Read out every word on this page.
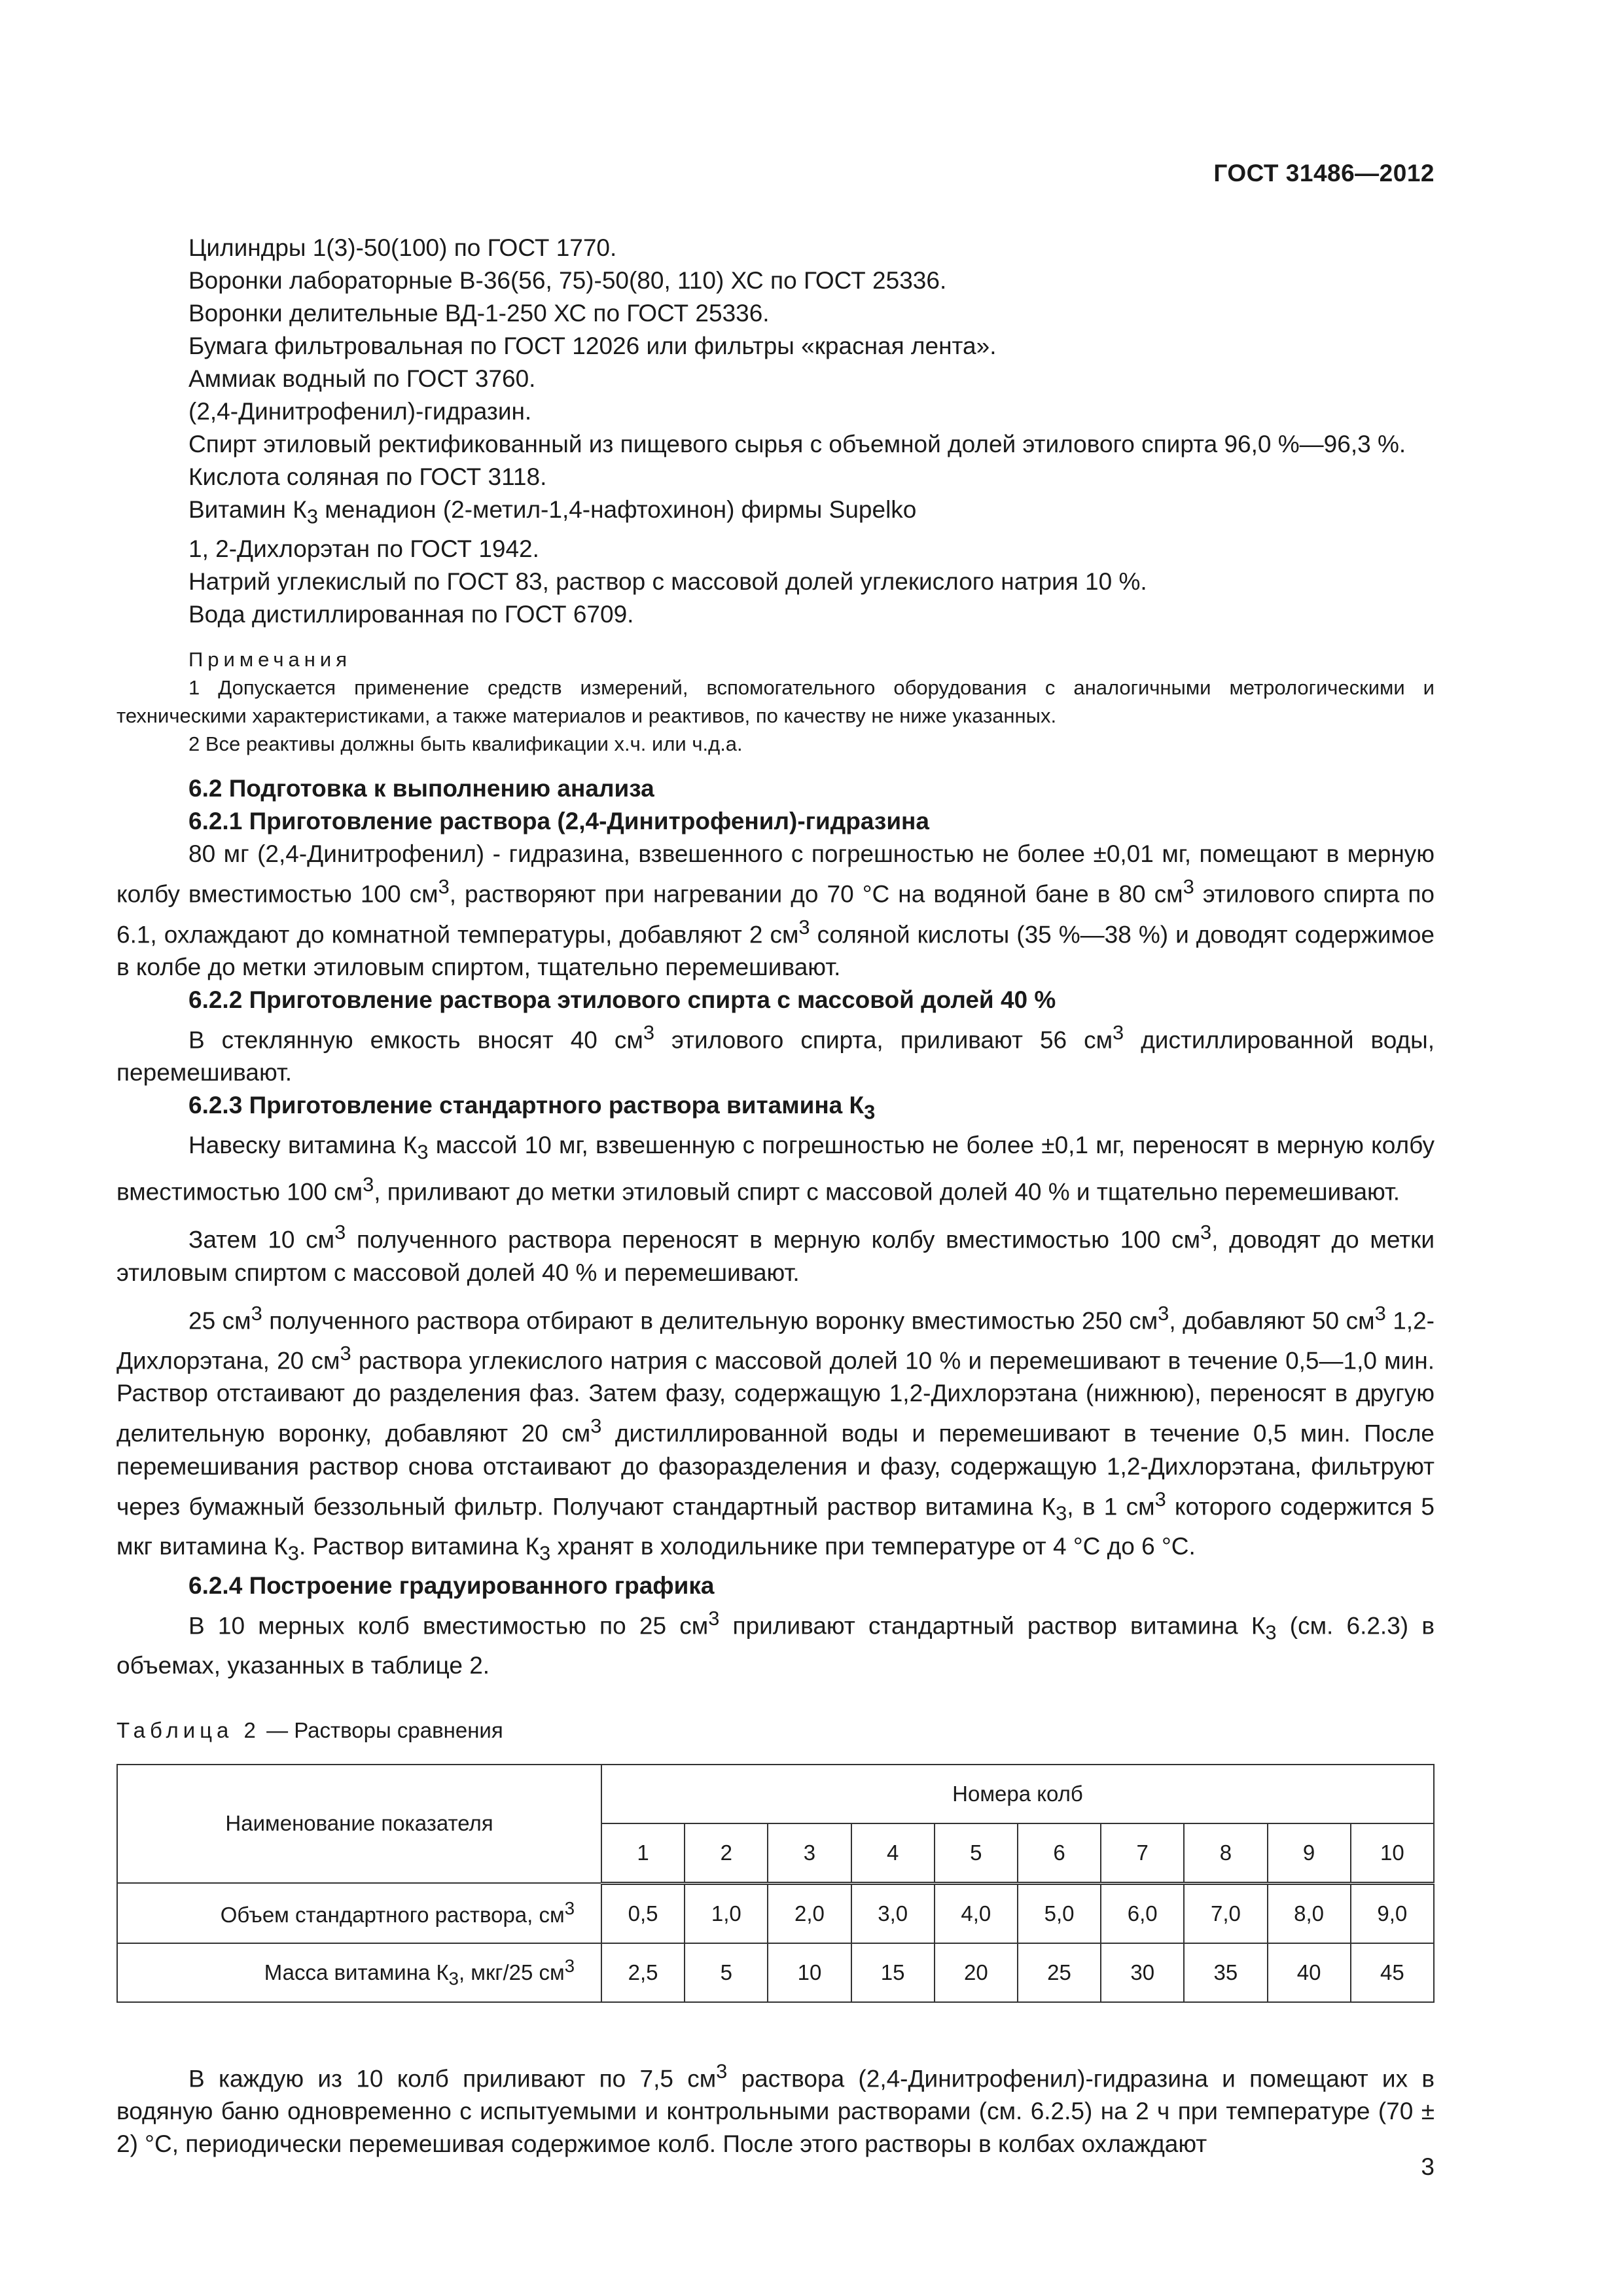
ГОСТ 31486—2012
Цилиндры 1(3)-50(100) по ГОСТ 1770.
Воронки лабораторные В-36(56, 75)-50(80, 110) ХС по ГОСТ 25336.
Воронки делительные ВД-1-250 ХС по ГОСТ 25336.
Бумага фильтровальная по ГОСТ 12026 или фильтры «красная лента».
Аммиак водный по ГОСТ 3760.
(2,4-Динитрофенил)-гидразин.
Спирт этиловый ректификованный из пищевого сырья с объемной долей этилового спирта 96,0 %—96,3 %.
Кислота соляная по ГОСТ 3118.
Витамин $К_3$ менадион (2-метил-1,4-нафтохинон) фирмы Supelko
1, 2-Дихлорэтан по ГОСТ 1942.
Натрий углекислый по ГОСТ 83, раствор с массовой долей углекислого натрия 10 %.
Вода дистиллированная по ГОСТ 6709.
Примечания
1 Допускается применение средств измерений, вспомогательного оборудования с аналогичными метрологическими и техническими характеристиками, а также материалов и реактивов, по качеству не ниже указанных.
2 Все реактивы должны быть квалификации х.ч. или ч.д.а.
6.2 Подготовка к выполнению анализа
6.2.1 Приготовление раствора (2,4-Динитрофенил)-гидразина
80 мг (2,4-Динитрофенил) - гидразина, взвешенного с погрешностью не более ±0,01 мг, помещают в мерную колбу вместимостью 100 $см^3$, растворяют при нагревании до 70 °С на водяной бане в 80 $см^3$ этилового спирта по 6.1, охлаждают до комнатной температуры, добавляют 2 $см^3$ соляной кислоты (35 %—38 %) и доводят содержимое в колбе до метки этиловым спиртом, тщательно перемешивают.
6.2.2 Приготовление раствора этилового спирта с массовой долей 40 %
В стеклянную емкость вносят 40 $см^3$ этилового спирта, приливают 56 $см^3$ дистиллированной воды, перемешивают.
6.2.3 Приготовление стандартного раствора витамина $К_3$
Навеску витамина $К_3$ массой 10 мг, взвешенную с погрешностью не более ±0,1 мг, переносят в мерную колбу вместимостью 100 $см^3$, приливают до метки этиловый спирт с массовой долей 40 % и тщательно перемешивают.
Затем 10 $см^3$ полученного раствора переносят в мерную колбу вместимостью 100 $см^3$, доводят до метки этиловым спиртом с массовой долей 40 % и перемешивают.
25 $см^3$ полученного раствора отбирают в делительную воронку вместимостью 250 $см^3$, добавляют 50 $см^3$ 1,2-Дихлорэтана, 20 $см^3$ раствора углекислого натрия с массовой долей 10 % и перемешивают в течение 0,5—1,0 мин. Раствор отстаивают до разделения фаз. Затем фазу, содержащую 1,2-Дихлорэтана (нижнюю), переносят в другую делительную воронку, добавляют 20 $см^3$ дистиллированной воды и перемешивают в течение 0,5 мин. После перемешивания раствор снова отстаивают до фазоразделения и фазу, содержащую 1,2-Дихлорэтана, фильтруют через бумажный беззольный фильтр. Получают стандартный раствор витамина $К_3$, в 1 $см^3$ которого содержится 5 мкг витамина $К_3$. Раствор витамина $К_3$ хранят в холодильнике при температуре от 4 °С до 6 °С.
6.2.4 Построение градуированного графика
В 10 мерных колб вместимостью по 25 $см^3$ приливают стандартный раствор витамина $К_3$ (см. 6.2.3) в объемах, указанных в таблице 2.
Таблица 2 — Растворы сравнения
Наименование показателя	Номера колб									
	1	2	3	4	5	6	7	8	9	10
Объем стандартного раствора, $см^3$	0,5	1,0	2,0	3,0	4,0	5,0	6,0	7,0	8,0	9,0
Масса витамина $К_3$, мкг/25 $см^3$	2,5	5	10	15	20	25	30	35	40	45
В каждую из 10 колб приливают по 7,5 $см^3$ раствора (2,4-Динитрофенил)-гидразина и помещают их в водяную баню одновременно с испытуемыми и контрольными растворами (см. 6.2.5) на 2 ч при температуре (70 ± 2) °С, периодически перемешивая содержимое колб. После этого растворы в колбах охлаждают
3
